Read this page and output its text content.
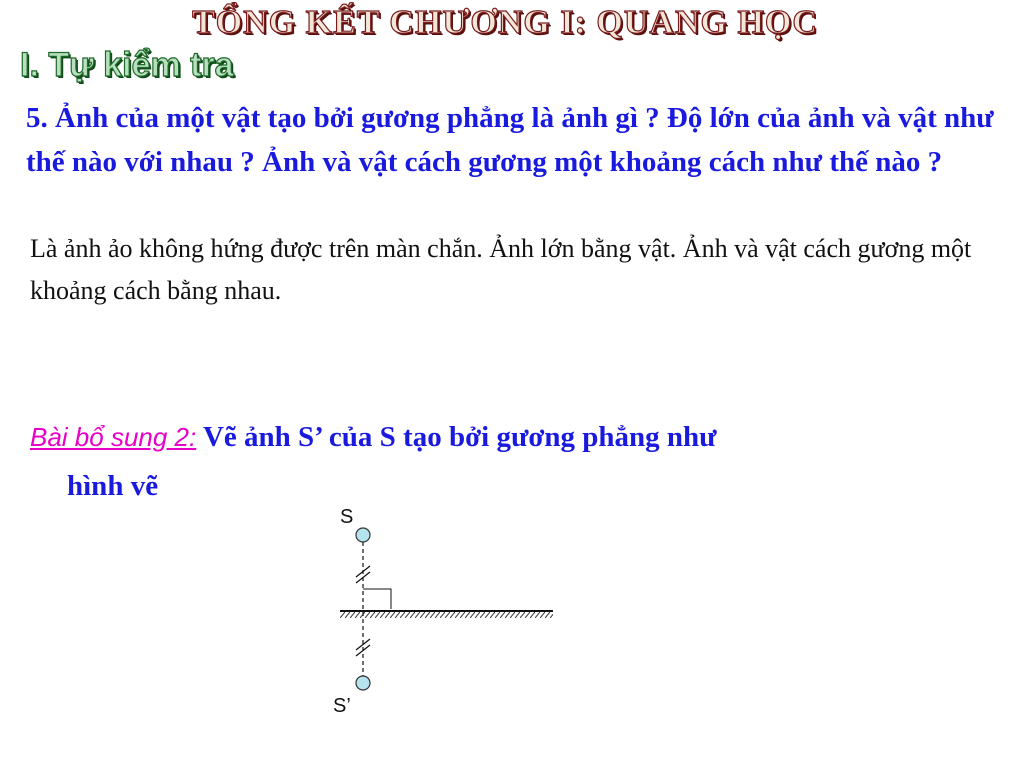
TỔNG KẾT CHƯƠNG I: QUANG HỌC
I. Tự kiểm tra
5. Ảnh của một vật tạo bởi gương phẳng là ảnh gì ? Độ lớn của ảnh và vật như thế nào với nhau ? Ảnh và vật cách gương một khoảng cách như thế nào ?
Là ảnh ảo không hứng được trên màn chắn. Ảnh lớn bằng vật. Ảnh và vật cách gương một khoảng cách bằng nhau.
Bài bổ sung 2: Vẽ ảnh S’ của S tạo bởi gương phẳng như
hình vẽ
S
S’
